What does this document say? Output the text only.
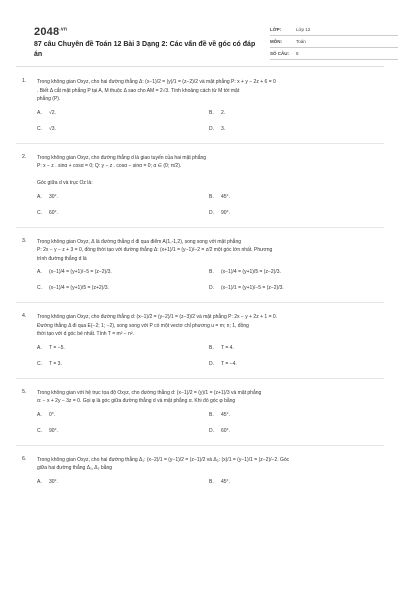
$2048^{.vn}$
87 câu Chuyên đề Toán 12 Bài 3 Dạng 2: Các vấn đề về góc có đáp án
LỚP:	Lớp 12
MÔN:	Toán
SỐ CÂU:	8
1. Trong không gian Oxyz, cho hai đường thẳng Δ: (x−1)/2 = (y)/1 = (z−2)/2 và mặt phẳng P: x + y − 2z + 6 = 0
. Biết Δ cắt mặt phẳng P tại A, M thuộc Δ sao cho AM = 2√3. Tính khoảng cách từ M tới mặt
phẳng (P).
A.	√2.	B.	2.
C.	√3.	D.	3.
2. Trong không gian Oxyz, cho đường thẳng d là giao tuyến của hai mặt phẳng
P: x − z . sinα + cosα = 0; Q: y − z . cosα − sinα = 0; α ∈ (0; π/2).

Góc giữa d và trục Oz là:
A.	30°.	B.	45°.
C.	60°.	D.	90°.
3. Trong không gian Oxyz, Δ là đường thẳng d đi qua điểm A(1,-1,2), song song với mặt phẳng
P: 2x − y − z + 3 = 0, đồng thời tạo với đường thẳng Δ: (x+1)/1 = (y−1)/−2 = z/2 một góc lớn nhất. Phương
trình đường thẳng d là
A.	(x−1)/4 = (y+1)/−5 = (z−2)/3.	B.	(x−1)/4 = (y+1)/5 = (z−2)/3.
C.	(x−1)/4 = (y+1)/5 = (z+2)/3.	D.	(x−1)/1 = (y+1)/−5 = (z−2)/3.
4. Trong không gian Oxyz, cho đường thẳng d: (x−1)/2 = (y−2)/1 = (z−3)/2 và mặt phẳng P: 2x − y + 2z + 1 = 0.
Đường thẳng Δ đi qua E(−2; 1; −2), song song với P có một vectơ chỉ phương u = m; n; 1, đồng
thời tạo với d góc bé nhất. Tính T = m² − n².
A.	T = −5.	B.	T = 4.
C.	T = 3.	D.	T = −4.
5. Trong không gian với hệ trục tọa độ Oxyz, cho đường thẳng d: (x−1)/2 = (y)/1 = (z+1)/3 và mặt phẳng
α: − x + 2y − 3z = 0. Gọi φ là góc giữa đường thẳng d và mặt phẳng α. Khi đó góc φ bằng
A.	0°.	B.	45°.
C.	90°.	D.	60°.
6. Trong không gian Oxyz, cho hai đường thẳng Δ₁: (x−2)/1 = (y−1)/2 = (z−1)/2 và Δ₂: (x)/1 = (y−1)/1 = (z−2)/−2. Góc
giữa hai đường thẳng Δ₁, Δ₂ bằng
A.	30°.	B.	45°.
